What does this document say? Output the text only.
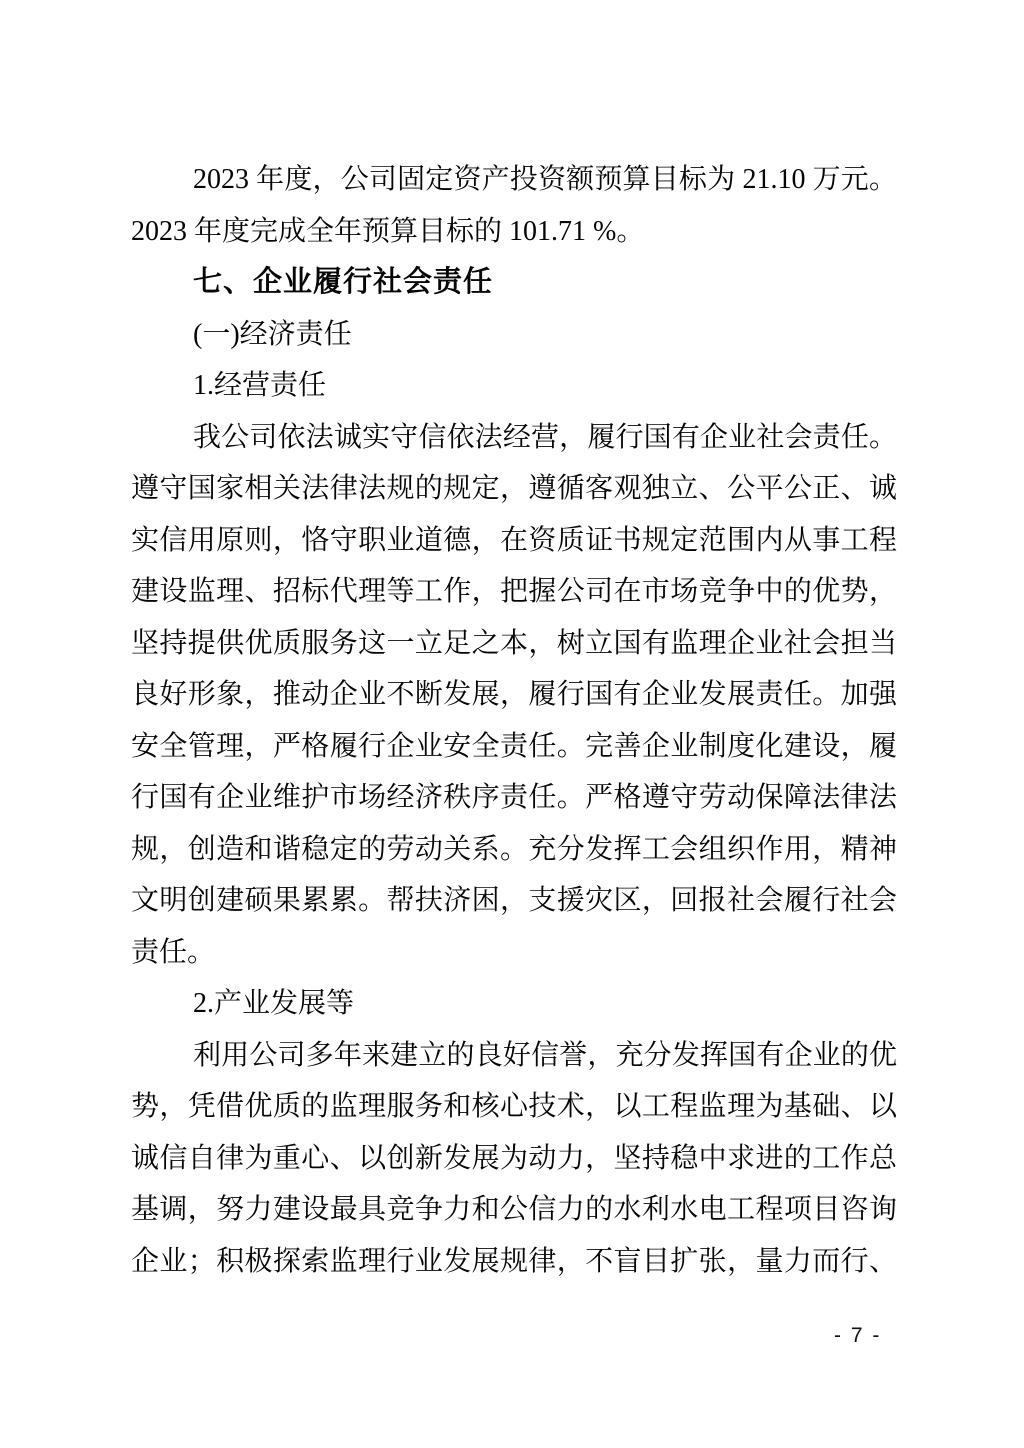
2023 年度，公司固定资产投资额预算目标为 21.10 万元。
2023 年度完成全年预算目标的 101.71 %。
七、企业履行社会责任
(一)经济责任
1.经营责任
我公司依法诚实守信依法经营，履行国有企业社会责任。
遵守国家相关法律法规的规定，遵循客观独立、公平公正、诚
实信用原则，恪守职业道德，在资质证书规定范围内从事工程
建设监理、招标代理等工作，把握公司在市场竞争中的优势，
坚持提供优质服务这一立足之本，树立国有监理企业社会担当
良好形象，推动企业不断发展，履行国有企业发展责任。加强
安全管理，严格履行企业安全责任。完善企业制度化建设，履
行国有企业维护市场经济秩序责任。严格遵守劳动保障法律法
规，创造和谐稳定的劳动关系。充分发挥工会组织作用，精神
文明创建硕果累累。帮扶济困，支援灾区，回报社会履行社会
责任。
2.产业发展等
利用公司多年来建立的良好信誉，充分发挥国有企业的优
势，凭借优质的监理服务和核心技术，以工程监理为基础、以
诚信自律为重心、以创新发展为动力，坚持稳中求进的工作总
基调，努力建设最具竞争力和公信力的水利水电工程项目咨询
企业；积极探索监理行业发展规律，不盲目扩张，量力而行、
- 7 -
